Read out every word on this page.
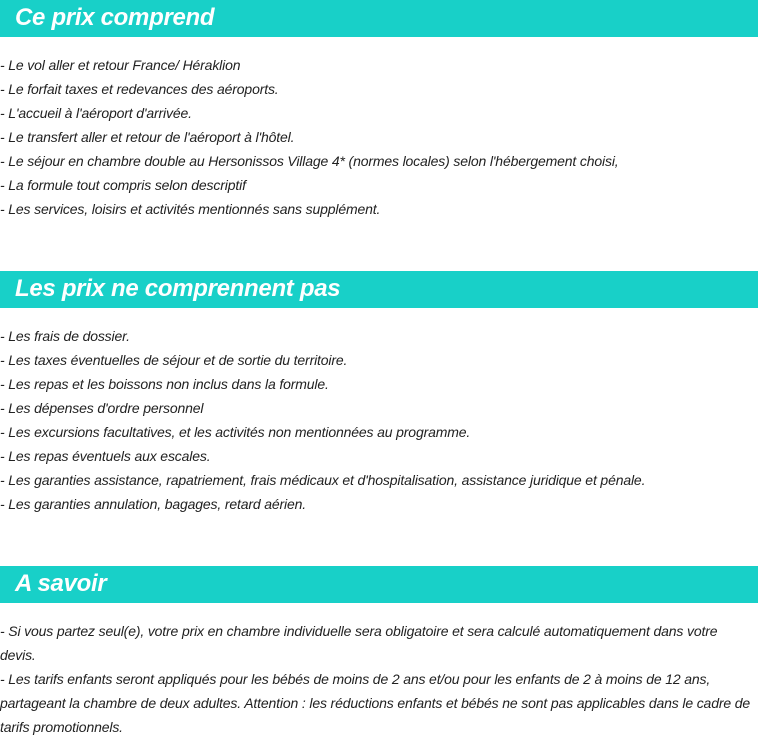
Ce prix comprend
- Le vol aller et retour France/ Héraklion
- Le forfait taxes et redevances des aéroports.
- L'accueil à l'aéroport d'arrivée.
- Le transfert aller et retour de l'aéroport à l'hôtel.
- Le séjour en chambre double au Hersonissos Village 4* (normes locales) selon l'hébergement choisi,
- La formule tout compris selon descriptif
- Les services, loisirs et activités mentionnés sans supplément.
Les prix ne comprennent pas
- Les frais de dossier.
- Les taxes éventuelles de séjour et de sortie du territoire.
- Les repas et les boissons non inclus dans la formule.
- Les dépenses d'ordre personnel
- Les excursions facultatives, et les activités non mentionnées au programme.
- Les repas éventuels aux escales.
- Les garanties assistance, rapatriement, frais médicaux et d'hospitalisation, assistance juridique et pénale.
- Les garanties annulation, bagages, retard aérien.
A savoir
- Si vous partez seul(e), votre prix en chambre individuelle sera obligatoire et sera calculé automatiquement dans votre devis.
- Les tarifs enfants seront appliqués pour les bébés de moins de 2 ans et/ou pour les enfants de 2 à moins de 12 ans, partageant la chambre de deux adultes. Attention : les réductions enfants et bébés ne sont pas applicables dans le cadre de tarifs promotionnels.
